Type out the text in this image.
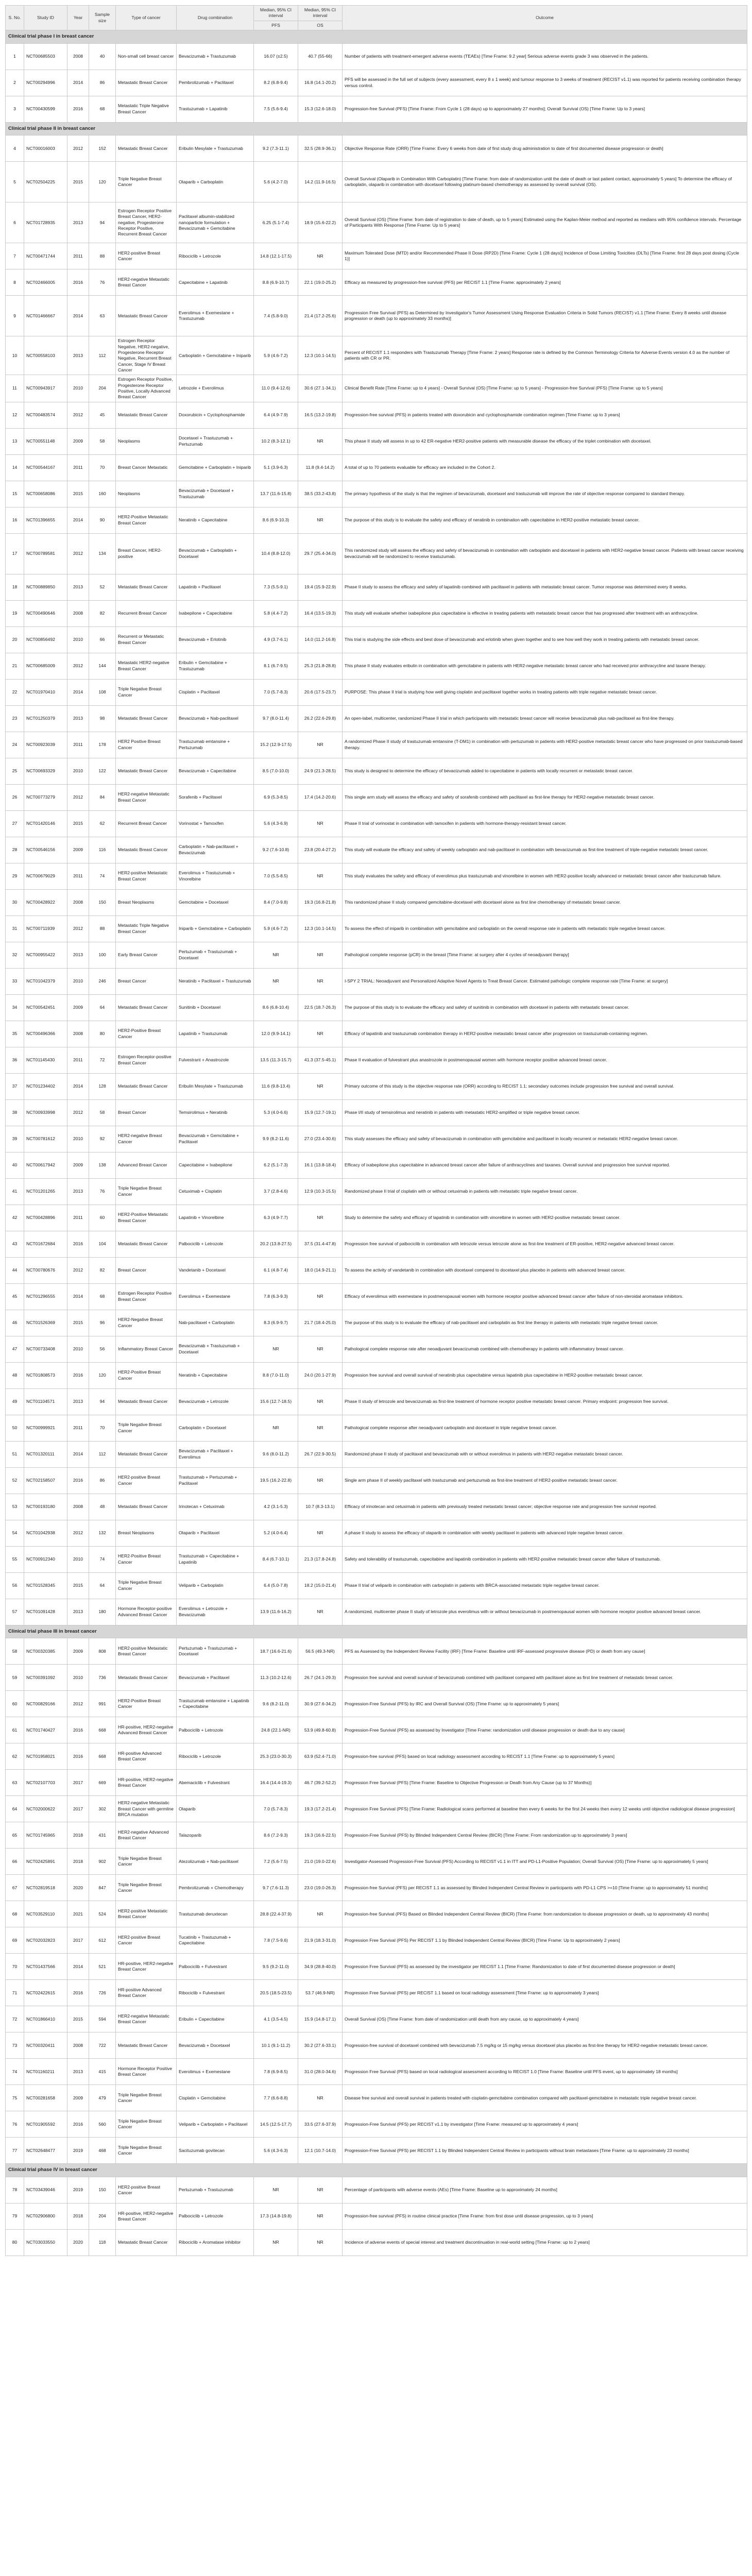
S. No.	Study ID	Year	Sample size	Type of cancer	Drug combination	Median, 95% CI interval	Median, 95% CI interval	Outcome
						PFS	OS	
Clinical trial phase I in breast cancer								
1	NCT00685503	2008	40	Non-small cell breast cancer	Bevacizumab + Trastuzumab	16.07 (±2.5)	40.7 (55-66)	Number of patients with treatment-emergent adverse events (TEAEs) [Time Frame: 9.2 year] Serious adverse events grade 3 was observed in the patients.
2	NCT00294996	2014	86	Metastatic Breast Cancer	Pembrolizumab + Paclitaxel	8.2 (6.8-9.4)	16.8 (14.1-20.2)	PFS will be assessed in the full set of subjects (every assessment, every 8 ± 1 week) and tumour response to 3 weeks of treatment (RECIST v1.1) was reported for patients receiving combination therapy versus control.
3	NCT00430599	2016	68	Metastatic Triple Negative Breast Cancer	Trastuzumab + Lapatinib	7.5 (5.6-9.4)	15.3 (12.6-18.0)	Progression-free Survival (PFS) [Time Frame: From Cycle 1 (28 days) up to approximately 27 months]; Overall Survival (OS) [Time Frame: Up to 3 years]
Clinical trial phase II in breast cancer								
4	NCT00016003	2012	152	Metastatic Breast Cancer	Eribulin Mesylate + Trastuzumab	9.2 (7.3-11.1)	32.5 (28.9-36.1)	Objective Response Rate (ORR) [Time Frame: Every 6 weeks from date of first study drug administration to date of first documented disease progression or death]
5	NCT02504225	2015	120	Triple Negative Breast Cancer	Olaparib + Carboplatin	5.6 (4.2-7.0)	14.2 (11.9-16.5)	Overall Survival (Olaparib in Combination With Carboplatin) [Time Frame: from date of randomization until the date of death or last patient contact, approximately 5 years] To determine the efficacy of carboplatin, olaparib in combination with docetaxel following platinum-based chemotherapy as assessed by overall survival (OS).
6	NCT01728935	2013	94	Estrogen Receptor Positive Breast Cancer, HER2-negative, Progesterone Receptor Positive, Recurrent Breast Cancer	Paclitaxel albumin-stabilized nanoparticle formulation + Bevacizumab + Gemcitabine	6.25 (5.1-7.4)	18.9 (15.6-22.2)	Overall Survival (OS) [Time Frame: from date of registration to date of death, up to 5 years] Estimated using the Kaplan-Meier method and reported as medians with 95% confidence intervals. Percentage of Participants With Response [Time Frame: Up to 5 years]
7	NCT00471744	2011	88	HER2-positive Breast Cancer	Ribociclib + Letrozole	14.8 (12.1-17.5)	NR	Maximum Tolerated Dose (MTD) and/or Recommended Phase II Dose (RP2D) [Time Frame: Cycle 1 (28 days)] Incidence of Dose Limiting Toxicities (DLTs) [Time Frame: first 28 days post dosing (Cycle 1)]
8	NCT02466005	2016	76	HER2-negative Metastatic Breast Cancer	Capecitabine + Lapatinib	8.8 (6.9-10.7)	22.1 (19.0-25.2)	Efficacy as measured by progression-free survival (PFS) per RECIST 1.1 [Time Frame: approximately 2 years]
9	NCT01466667	2014	63	Metastatic Breast Cancer	Everolimus + Exemestane + Trastuzumab	7.4 (5.8-9.0)	21.4 (17.2-25.6)	Progression Free Survival (PFS) as Determined by Investigator's Tumor Assessment Using Response Evaluation Criteria in Solid Tumors (RECIST) v1.1 [Time Frame: Every 8 weeks until disease progression or death (up to approximately 33 months)]
10	NCT00558103	2013	112	Estrogen Receptor Negative, HER2-negative, Progesterone Receptor Negative, Recurrent Breast Cancer, Stage IV Breast Cancer	Carboplatin + Gemcitabine + Iniparib	5.9 (4.6-7.2)	12.3 (10.1-14.5)	Percent of RECIST 1.1 responders with Trastuzumab Therapy [Time Frame: 2 years] Response rate is defined by the Common Terminology Criteria for Adverse Events version 4.0 as the number of patients with CR or PR.
11	NCT00943917	2010	204	Estrogen Receptor Positive, Progesterone Receptor Positive, Locally Advanced Breast Cancer	Letrozole + Everolimus	11.0 (9.4-12.6)	30.6 (27.1-34.1)	Clinical Benefit Rate [Time Frame: up to 4 years] - Overall Survival (OS) [Time Frame: up to 5 years] - Progression-free Survival (PFS) [Time Frame: up to 5 years]
12	NCT00483574	2012	45	Metastatic Breast Cancer	Doxorubicin + Cyclophosphamide	6.4 (4.9-7.9)	16.5 (13.2-19.8)	Progression-free survival (PFS) in patients treated with doxorubicin and cyclophosphamide combination regimen [Time Frame: up to 3 years]
13	NCT00551148	2009	58	Neoplasms	Docetaxel + Trastuzumab + Pertuzumab	10.2 (8.3-12.1)	NR	This phase II study will assess in up to 42 ER-negative HER2-positive patients with measurable disease the efficacy of the triplet combination with docetaxel.
14	NCT00544167	2011	70	Breast Cancer Metastatic	Gemcitabine + Carboplatin + Iniparib	5.1 (3.9-6.3)	11.8 (9.4-14.2)	A total of up to 70 patients evaluable for efficacy are included in the Cohort 2.
15	NCT00658086	2015	160	Neoplasms	Bevacizumab + Docetaxel + Trastuzumab	13.7 (11.6-15.8)	38.5 (33.2-43.8)	The primary hypothesis of the study is that the regimen of bevacizumab, docetaxel and trastuzumab will improve the rate of objective response compared to standard therapy.
16	NCT01396655	2014	90	HER2-Positive Metastatic Breast Cancer	Neratinib + Capecitabine	8.6 (6.9-10.3)	NR	The purpose of this study is to evaluate the safety and efficacy of neratinib in combination with capecitabine in HER2-positive metastatic breast cancer.
17	NCT00789581	2012	134	Breast Cancer, HER2-positive	Bevacizumab + Carboplatin + Docetaxel	10.4 (8.8-12.0)	29.7 (25.4-34.0)	This randomized study will assess the efficacy and safety of bevacizumab in combination with carboplatin and docetaxel in patients with HER2-negative breast cancer. Patients with breast cancer receiving bevacizumab will be randomized to receive trastuzumab.
18	NCT00889850	2013	52	Metastatic Breast Cancer	Lapatinib + Paclitaxel	7.3 (5.5-9.1)	19.4 (15.9-22.9)	Phase II study to assess the efficacy and safety of lapatinib combined with paclitaxel in patients with metastatic breast cancer. Tumor response was determined every 8 weeks.
19	NCT00490646	2008	82	Recurrent Breast Cancer	Ixabepilone + Capecitabine	5.8 (4.4-7.2)	16.4 (13.5-19.3)	This study will evaluate whether ixabepilone plus capecitabine is effective in treating patients with metastatic breast cancer that has progressed after treatment with an anthracycline.
20	NCT00856492	2010	66	Recurrent or Metastatic Breast Cancer	Bevacizumab + Erlotinib	4.9 (3.7-6.1)	14.0 (11.2-16.8)	This trial is studying the side effects and best dose of bevacizumab and erlotinib when given together and to see how well they work in treating patients with metastatic breast cancer.
21	NCT00685009	2012	144	Metastatic HER2-negative Breast Cancer	Eribulin + Gemcitabine + Trastuzumab	8.1 (6.7-9.5)	25.3 (21.8-28.8)	This phase II study evaluates eribulin in combination with gemcitabine in patients with HER2-negative metastatic breast cancer who had received prior anthracycline and taxane therapy.
22	NCT01970410	2014	108	Triple Negative Breast Cancer	Cisplatin + Paclitaxel	7.0 (5.7-8.3)	20.6 (17.5-23.7)	PURPOSE: This phase II trial is studying how well giving cisplatin and paclitaxel together works in treating patients with triple negative metastatic breast cancer.
23	NCT01250379	2013	98	Metastatic Breast Cancer	Bevacizumab + Nab-paclitaxel	9.7 (8.0-11.4)	26.2 (22.6-29.8)	An open-label, multicenter, randomized Phase II trial in which participants with metastatic breast cancer will receive bevacizumab plus nab-paclitaxel as first-line therapy.
24	NCT00923039	2011	178	HER2 Positive Breast Cancer	Trastuzumab emtansine + Pertuzumab	15.2 (12.9-17.5)	NR	A randomized Phase II study of trastuzumab emtansine (T-DM1) in combination with pertuzumab in patients with HER2-positive metastatic breast cancer who have progressed on prior trastuzumab-based therapy.
25	NCT00693329	2010	122	Metastatic Breast Cancer	Bevacizumab + Capecitabine	8.5 (7.0-10.0)	24.9 (21.3-28.5)	This study is designed to determine the efficacy of bevacizumab added to capecitabine in patients with locally recurrent or metastatic breast cancer.
26	NCT00773279	2012	84	HER2-negative Metastatic Breast Cancer	Sorafenib + Paclitaxel	6.9 (5.3-8.5)	17.4 (14.2-20.6)	This single arm study will assess the efficacy and safety of sorafenib combined with paclitaxel as first-line therapy for HER2-negative metastatic breast cancer.
27	NCT01420146	2015	62	Recurrent Breast Cancer	Vorinostat + Tamoxifen	5.6 (4.3-6.9)	NR	Phase II trial of vorinostat in combination with tamoxifen in patients with hormone-therapy-resistant breast cancer.
28	NCT00546156	2009	116	Metastatic Breast Cancer	Carboplatin + Nab-paclitaxel + Bevacizumab	9.2 (7.6-10.8)	23.8 (20.4-27.2)	This study will evaluate the efficacy and safety of weekly carboplatin and nab-paclitaxel in combination with bevacizumab as first-line treatment of triple-negative metastatic breast cancer.
29	NCT00679029	2011	74	HER2-positive Metastatic Breast Cancer	Everolimus + Trastuzumab + Vinorelbine	7.0 (5.5-8.5)	NR	This study evaluates the safety and efficacy of everolimus plus trastuzumab and vinorelbine in women with HER2-positive locally advanced or metastatic breast cancer after trastuzumab failure.
30	NCT00428922	2008	150	Breast Neoplasms	Gemcitabine + Docetaxel	8.4 (7.0-9.8)	19.3 (16.8-21.8)	This randomized phase II study compared gemcitabine-docetaxel with docetaxel alone as first line chemotherapy of metastatic breast cancer.
31	NCT00711939	2012	88	Metastatic Triple Negative Breast Cancer	Iniparib + Gemcitabine + Carboplatin	5.9 (4.6-7.2)	12.3 (10.1-14.5)	To assess the effect of iniparib in combination with gemcitabine and carboplatin on the overall response rate in patients with metastatic triple negative breast cancer.
32	NCT00955422	2013	100	Early Breast Cancer	Pertuzumab + Trastuzumab + Docetaxel	NR	NR	Pathological complete response (pCR) in the breast [Time Frame: at surgery after 4 cycles of neoadjuvant therapy]
33	NCT01042379	2010	246	Breast Cancer	Neratinib + Paclitaxel + Trastuzumab	NR	NR	I-SPY 2 TRIAL: Neoadjuvant and Personalized Adaptive Novel Agents to Treat Breast Cancer. Estimated pathologic complete response rate [Time Frame: at surgery]
34	NCT00542451	2009	64	Metastatic Breast Cancer	Sunitinib + Docetaxel	8.6 (6.8-10.4)	22.5 (18.7-26.3)	The purpose of this study is to evaluate the efficacy and safety of sunitinib in combination with docetaxel in patients with metastatic breast cancer.
35	NCT00496366	2008	80	HER2-Positive Breast Cancer	Lapatinib + Trastuzumab	12.0 (9.9-14.1)	NR	Efficacy of lapatinib and trastuzumab combination therapy in HER2-positive metastatic breast cancer after progression on trastuzumab-containing regimen.
36	NCT01145430	2011	72	Estrogen Receptor-positive Breast Cancer	Fulvestrant + Anastrozole	13.5 (11.3-15.7)	41.3 (37.5-45.1)	Phase II evaluation of fulvestrant plus anastrozole in postmenopausal women with hormone receptor positive advanced breast cancer.
37	NCT01234402	2014	128	Metastatic Breast Cancer	Eribulin Mesylate + Trastuzumab	11.6 (9.8-13.4)	NR	Primary outcome of this study is the objective response rate (ORR) according to RECIST 1.1; secondary outcomes include progression free survival and overall survival.
38	NCT00933998	2012	58	Breast Cancer	Temsirolimus + Neratinib	5.3 (4.0-6.6)	15.9 (12.7-19.1)	Phase I/II study of temsirolimus and neratinib in patients with metastatic HER2-amplified or triple negative breast cancer.
39	NCT00781612	2010	92	HER2-negative Breast Cancer	Bevacizumab + Gemcitabine + Paclitaxel	9.9 (8.2-11.6)	27.0 (23.4-30.6)	This study assesses the efficacy and safety of bevacizumab in combination with gemcitabine and paclitaxel in locally recurrent or metastatic HER2-negative breast cancer.
40	NCT00617942	2009	138	Advanced Breast Cancer	Capecitabine + Ixabepilone	6.2 (5.1-7.3)	16.1 (13.8-18.4)	Efficacy of ixabepilone plus capecitabine in advanced breast cancer after failure of anthracyclines and taxanes. Overall survival and progression free survival reported.
41	NCT01201265	2013	76	Triple Negative Breast Cancer	Cetuximab + Cisplatin	3.7 (2.8-4.6)	12.9 (10.3-15.5)	Randomized phase II trial of cisplatin with or without cetuximab in patients with metastatic triple negative breast cancer.
42	NCT00428896	2011	60	HER2-Positive Metastatic Breast Cancer	Lapatinib + Vinorelbine	6.3 (4.9-7.7)	NR	Study to determine the safety and efficacy of lapatinib in combination with vinorelbine in women with HER2-positive metastatic breast cancer.
43	NCT01672684	2016	104	Metastatic Breast Cancer	Palbociclib + Letrozole	20.2 (13.8-27.5)	37.5 (31.4-47.8)	Progression free survival of palbociclib in combination with letrozole versus letrozole alone as first-line treatment of ER-positive, HER2-negative advanced breast cancer.
44	NCT00780676	2012	82	Breast Cancer	Vandetanib + Docetaxel	6.1 (4.8-7.4)	18.0 (14.9-21.1)	To assess the activity of vandetanib in combination with docetaxel compared to docetaxel plus placebo in patients with advanced breast cancer.
45	NCT01296555	2014	68	Estrogen Receptor Positive Breast Cancer	Everolimus + Exemestane	7.8 (6.3-9.3)	NR	Efficacy of everolimus with exemestane in postmenopausal women with hormone receptor positive advanced breast cancer after failure of non-steroidal aromatase inhibitors.
46	NCT01526369	2015	96	HER2-Negative Breast Cancer	Nab-paclitaxel + Carboplatin	8.3 (6.9-9.7)	21.7 (18.4-25.0)	The purpose of this study is to evaluate the efficacy of nab-paclitaxel and carboplatin as first line therapy in patients with metastatic triple negative breast cancer.
47	NCT00733408	2010	56	Inflammatory Breast Cancer	Bevacizumab + Trastuzumab + Docetaxel	NR	NR	Pathological complete response rate after neoadjuvant bevacizumab combined with chemotherapy in patients with inflammatory breast cancer.
48	NCT01808573	2016	120	HER2-Positive Breast Cancer	Neratinib + Capecitabine	8.8 (7.0-11.0)	24.0 (20.1-27.9)	Progression free survival and overall survival of neratinib plus capecitabine versus lapatinib plus capecitabine in HER2-positive metastatic breast cancer.
49	NCT01104571	2013	94	Metastatic Breast Cancer	Bevacizumab + Letrozole	15.6 (12.7-18.5)	NR	Phase II study of letrozole and bevacizumab as first-line treatment of hormone receptor positive metastatic breast cancer. Primary endpoint: progression free survival.
50	NCT00999921	2011	70	Triple Negative Breast Cancer	Carboplatin + Docetaxel	NR	NR	Pathological complete response after neoadjuvant carboplatin and docetaxel in triple negative breast cancer.
51	NCT01320111	2014	112	Metastatic Breast Cancer	Bevacizumab + Paclitaxel + Everolimus	9.6 (8.0-11.2)	26.7 (22.9-30.5)	Randomized phase II study of paclitaxel and bevacizumab with or without everolimus in patients with HER2-negative metastatic breast cancer.
52	NCT02158507	2016	86	HER2-positive Breast Cancer	Trastuzumab + Pertuzumab + Paclitaxel	19.5 (16.2-22.8)	NR	Single arm phase II of weekly paclitaxel with trastuzumab and pertuzumab as first-line treatment of HER2-positive metastatic breast cancer.
53	NCT00193180	2008	48	Metastatic Breast Cancer	Irinotecan + Cetuximab	4.2 (3.1-5.3)	10.7 (8.3-13.1)	Efficacy of irinotecan and cetuximab in patients with previously treated metastatic breast cancer; objective response rate and progression free survival reported.
54	NCT01042938	2012	132	Breast Neoplasms	Olaparib + Paclitaxel	5.2 (4.0-6.4)	NR	A phase II study to assess the efficacy of olaparib in combination with weekly paclitaxel in patients with advanced triple negative breast cancer.
55	NCT00912340	2010	74	HER2-Positive Breast Cancer	Trastuzumab + Capecitabine + Lapatinib	8.4 (6.7-10.1)	21.3 (17.8-24.8)	Safety and tolerability of trastuzumab, capecitabine and lapatinib combination in patients with HER2-positive metastatic breast cancer after failure of trastuzumab.
56	NCT01528345	2015	64	Triple Negative Breast Cancer	Veliparib + Carboplatin	6.4 (5.0-7.8)	18.2 (15.0-21.4)	Phase II trial of veliparib in combination with carboplatin in patients with BRCA-associated metastatic triple negative breast cancer.
57	NCT01091428	2013	180	Hormone Receptor-positive Advanced Breast Cancer	Everolimus + Letrozole + Bevacizumab	13.9 (11.6-16.2)	NR	A randomized, multicenter phase II study of letrozole plus everolimus with or without bevacizumab in postmenopausal women with hormone receptor positive advanced breast cancer.
Clinical trial phase III in breast cancer								
58	NCT00320385	2009	808	HER2-positive Metastatic Breast Cancer	Pertuzumab + Trastuzumab + Docetaxel	18.7 (16.6-21.6)	56.5 (49.3-NR)	PFS as Assessed by the Independent Review Facility (IRF) [Time Frame: Baseline until IRF-assessed progressive disease (PD) or death from any cause]
59	NCT00391092	2010	736	Metastatic Breast Cancer	Bevacizumab + Paclitaxel	11.3 (10.2-12.6)	26.7 (24.1-29.3)	Progression free survival and overall survival of bevacizumab combined with paclitaxel compared with paclitaxel alone as first line treatment of metastatic breast cancer.
60	NCT00829166	2012	991	HER2-Positive Breast Cancer	Trastuzumab emtansine + Lapatinib + Capecitabine	9.6 (8.2-11.0)	30.9 (27.6-34.2)	Progression-Free Survival (PFS) by IRC and Overall Survival (OS) [Time Frame: up to approximately 5 years]
61	NCT01740427	2016	668	HR-positive, HER2-negative Advanced Breast Cancer	Palbociclib + Letrozole	24.8 (22.1-NR)	53.9 (49.8-60.8)	Progression-Free Survival (PFS) as assessed by Investigator [Time Frame: randomization until disease progression or death due to any cause]
62	NCT01958021	2016	668	HR-positive Advanced Breast Cancer	Ribociclib + Letrozole	25.3 (23.0-30.3)	63.9 (52.4-71.0)	Progression-free survival (PFS) based on local radiology assessment according to RECIST 1.1 [Time Frame: up to approximately 5 years]
63	NCT02107703	2017	669	HR-positive, HER2-negative Breast Cancer	Abemaciclib + Fulvestrant	16.4 (14.4-19.3)	46.7 (39.2-52.2)	Progression Free Survival (PFS) [Time Frame: Baseline to Objective Progression or Death from Any Cause (up to 37 Months)]
64	NCT02000622	2017	302	HER2-negative Metastatic Breast Cancer with germline BRCA mutation	Olaparib	7.0 (5.7-8.3)	19.3 (17.2-21.4)	Progression Free Survival (PFS) [Time Frame: Radiological scans performed at baseline then every 6 weeks for the first 24 weeks then every 12 weeks until objective radiological disease progression]
65	NCT01745965	2018	431	HER2-negative Advanced Breast Cancer	Talazoparib	8.6 (7.2-9.3)	19.3 (16.6-22.5)	Progression-Free Survival (PFS) by Blinded Independent Central Review (BICR) [Time Frame: From randomization up to approximately 3 years]
66	NCT02425891	2018	902	Triple Negative Breast Cancer	Atezolizumab + Nab-paclitaxel	7.2 (5.6-7.5)	21.0 (19.0-22.6)	Investigator-Assessed Progression-Free Survival (PFS) According to RECIST v1.1 in ITT and PD-L1-Positive Population; Overall Survival (OS) [Time Frame: up to approximately 5 years]
67	NCT02819518	2020	847	Triple Negative Breast Cancer	Pembrolizumab + Chemotherapy	9.7 (7.6-11.3)	23.0 (19.0-26.3)	Progression-free Survival (PFS) per RECIST 1.1 as assessed by Blinded Independent Central Review in participants with PD-L1 CPS >=10 [Time Frame: up to approximately 51 months]
68	NCT03529110	2021	524	HER2-positive Metastatic Breast Cancer	Trastuzumab deruxtecan	28.8 (22.4-37.9)	NR	Progression-free Survival (PFS) Based on Blinded Independent Central Review (BICR) [Time Frame: from randomization to disease progression or death, up to approximately 43 months]
69	NCT02032823	2017	612	HER2-positive Breast Cancer	Tucatinib + Trastuzumab + Capecitabine	7.8 (7.5-9.6)	21.9 (18.3-31.0)	Progression Free Survival (PFS) Per RECIST 1.1 by Blinded Independent Central Review (BICR) [Time Frame: Up to approximately 2 years]
70	NCT01437566	2014	521	HR-positive, HER2-negative Breast Cancer	Palbociclib + Fulvestrant	9.5 (9.2-11.0)	34.9 (28.8-40.0)	Progression Free Survival (PFS) as assessed by the investigator per RECIST 1.1 [Time Frame: Randomization to date of first documented disease progression or death]
71	NCT02422615	2016	726	HR-positive Advanced Breast Cancer	Ribociclib + Fulvestrant	20.5 (18.5-23.5)	53.7 (46.9-NR)	Progression Free Survival (PFS) per RECIST 1.1 based on local radiology assessment [Time Frame: up to approximately 3 years]
72	NCT01866410	2015	594	HER2-negative Metastatic Breast Cancer	Eribulin + Capecitabine	4.1 (3.5-4.5)	15.9 (14.8-17.1)	Overall Survival (OS) [Time Frame: from date of randomization until death from any cause, up to approximately 4 years]
73	NCT00320411	2008	722	Metastatic Breast Cancer	Bevacizumab + Docetaxel	10.1 (9.1-11.2)	30.2 (27.6-33.1)	Progression-free survival of docetaxel combined with bevacizumab 7.5 mg/kg or 15 mg/kg versus docetaxel plus placebo as first-line therapy for HER2-negative metastatic breast cancer.
74	NCT01160211	2013	415	Hormone Receptor Positive Breast Cancer	Everolimus + Exemestane	7.8 (6.9-8.5)	31.0 (28.0-34.6)	Progression Free Survival (PFS) based on local radiological assessment according to RECIST 1.0 [Time Frame: Baseline until PFS event, up to approximately 18 months]
75	NCT00281658	2009	479	Triple Negative Breast Cancer	Cisplatin + Gemcitabine	7.7 (6.6-8.8)	NR	Disease free survival and overall survival in patients treated with cisplatin-gemcitabine combination compared with paclitaxel-gemcitabine in metastatic triple negative breast cancer.
76	NCT01905592	2016	560	Triple Negative Breast Cancer	Veliparib + Carboplatin + Paclitaxel	14.5 (12.5-17.7)	33.5 (27.6-37.9)	Progression-Free Survival (PFS) per RECIST v1.1 by investigator [Time Frame: measured up to approximately 4 years]
77	NCT02648477	2019	468	Triple Negative Breast Cancer	Sacituzumab govitecan	5.6 (4.3-6.3)	12.1 (10.7-14.0)	Progression-Free Survival (PFS) per RECIST 1.1 by Blinded Independent Central Review in participants without brain metastases [Time Frame: up to approximately 23 months]
Clinical trial phase IV in breast cancer								
78	NCT03439046	2019	150	HER2-positive Breast Cancer	Pertuzumab + Trastuzumab	NR	NR	Percentage of participants with adverse events (AEs) [Time Frame: Baseline up to approximately 24 months]
79	NCT02906800	2018	204	HR-positive, HER2-negative Breast Cancer	Palbociclib + Letrozole	17.3 (14.8-19.8)	NR	Progression-free survival (PFS) in routine clinical practice [Time Frame: from first dose until disease progression, up to 3 years]
80	NCT03033550	2020	118	Metastatic Breast Cancer	Ribociclib + Aromatase inhibitor	NR	NR	Incidence of adverse events of special interest and treatment discontinuation in real-world setting [Time Frame: up to 2 years]
